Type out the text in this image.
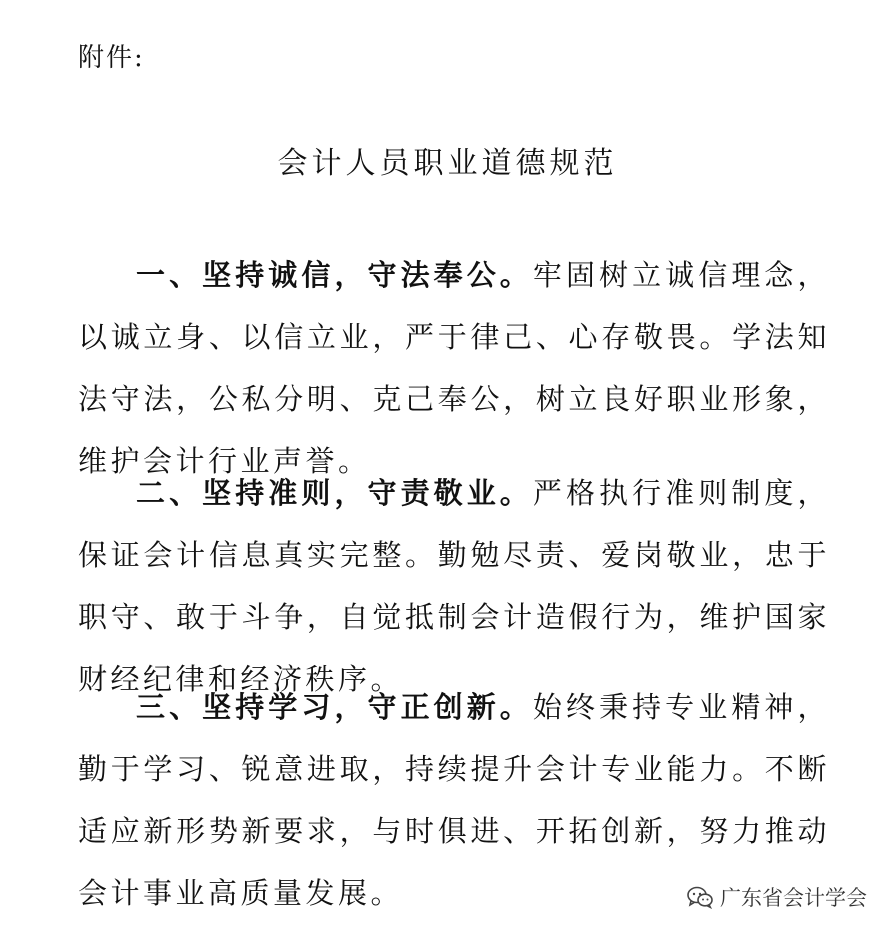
附件:
会计人员职业道德规范

一、坚持诚信，守法奉公。牢固树立诚信理念，以诚立身、以信立业，严于律己、心存敬畏。学法知法守法，公私分明、克己奉公，树立良好职业形象，维护会计行业声誉。

二、坚持准则，守责敬业。严格执行准则制度，保证会计信息真实完整。勤勉尽责、爱岗敬业，忠于职守、敢于斗争，自觉抵制会计造假行为，维护国家财经纪律和经济秩序。

三、坚持学习，守正创新。始终秉持专业精神，勤于学习、锐意进取，持续提升会计专业能力。不断适应新形势新要求，与时俱进、开拓创新，努力推动会计事业高质量发展。	广东省会计学会
